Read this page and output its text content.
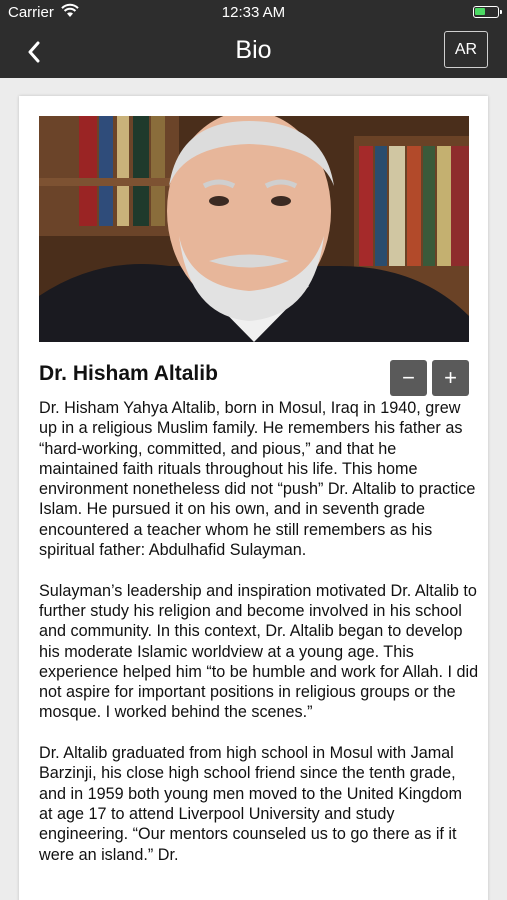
Carrier	12:33 AM
Bio	AR
Dr. Hisham Altalib	−	+

Dr. Hisham Yahya Altalib, born in Mosul, Iraq in 1940, grew up in a religious Muslim family. He remembers his father as “hard-working, committed, and pious,” and that he maintained faith rituals throughout his life. This home environment nonetheless did not “push” Dr. Altalib to practice Islam. He pursued it on his own, and in seventh grade encountered a teacher whom he still remembers as his spiritual father: Abdulhafid Sulayman.

Sulayman’s leadership and inspiration motivated Dr. Altalib to further study his religion and become involved in his school and community. In this context, Dr. Altalib began to develop his moderate Islamic worldview at a young age. This experience helped him “to be humble and work for Allah. I did not aspire for important positions in religious groups or the mosque. I worked behind the scenes.”

Dr. Altalib graduated from high school in Mosul with Jamal Barzinji, his close high school friend since the tenth grade, and in 1959 both young men moved to the United Kingdom at age 17 to attend Liverpool University and study engineering. “Our mentors counseled us to go there as if it were an island.” Dr.
